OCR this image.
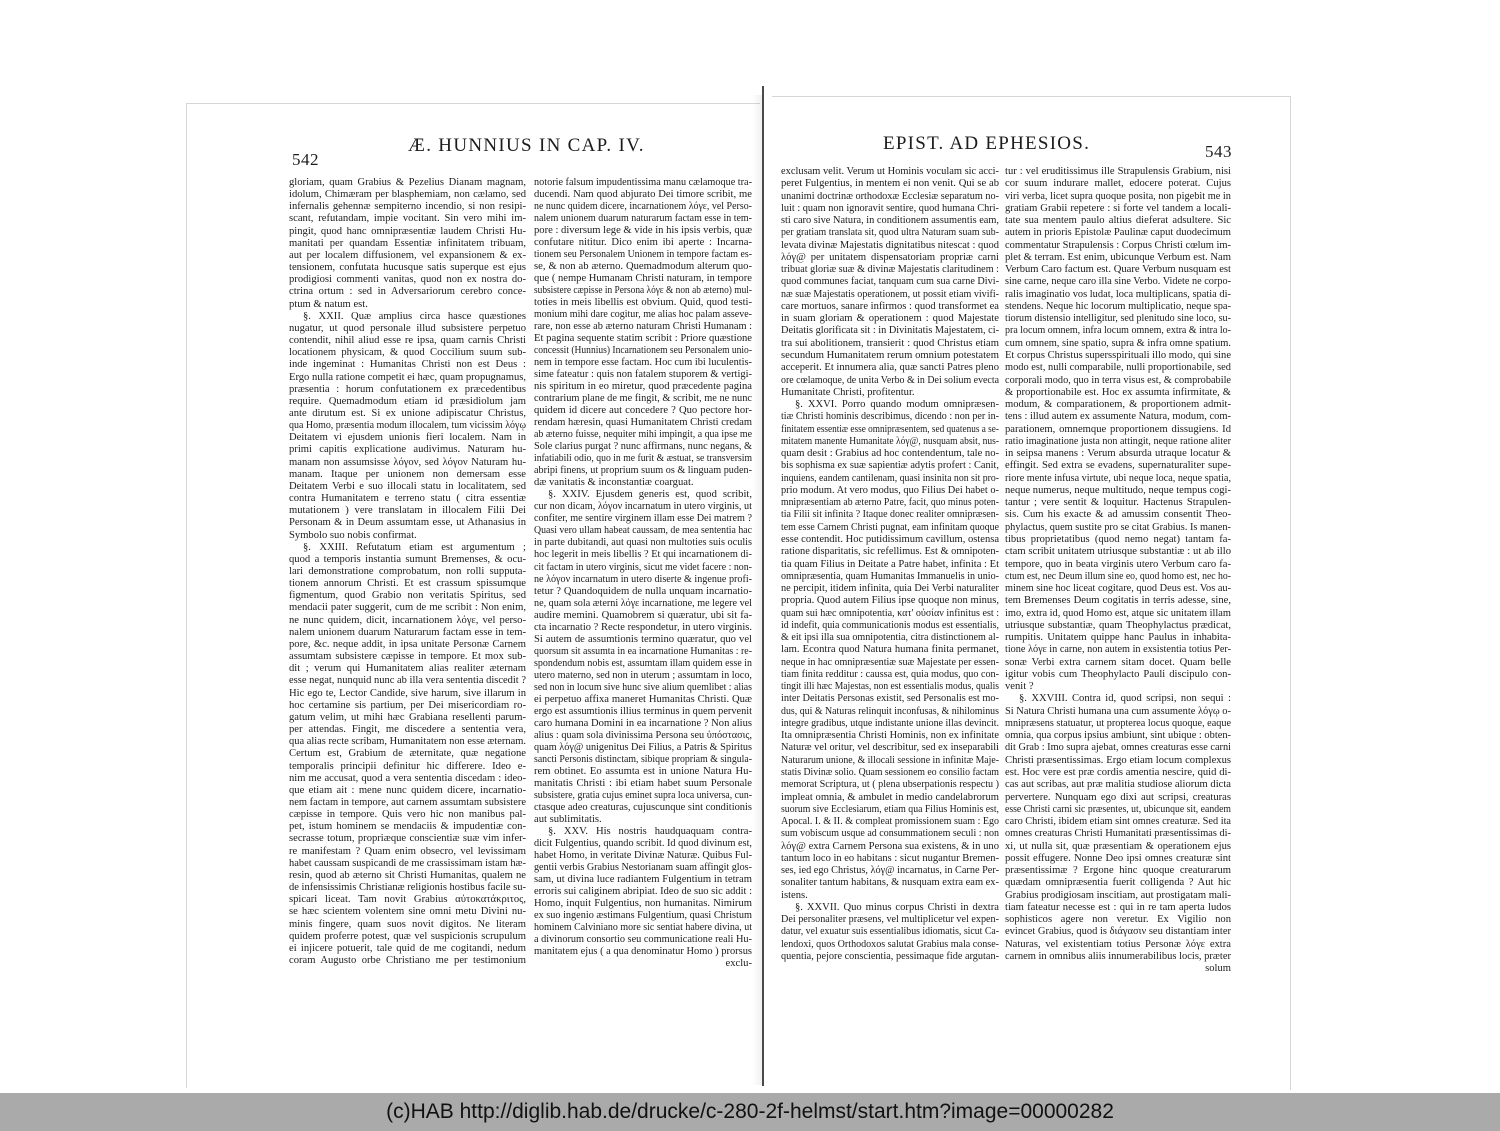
542
Æ. HUNNIUS IN CAP. IV.	EPIST. AD EPHESIOS.	543
gloriam, quam Grabius & Pezelius Dianam magnam,
idolum, Chimæram per blasphemiam, non cælamo, sed
infernalis gehennæ sempiterno incendio, si non resipi-
scant, refutandam, impie vocitant. Sin vero mihi im-
pingit, quod hanc omnipræsentiæ laudem Christi Hu-
manitati per quandam Essentiæ infinitatem tribuam,
aut per localem diffusionem, vel expansionem & ex-
tensionem, confutata hucusque satis superque est ejus
prodigiosi commenti vanitas, quod non ex nostra do-
ctrina ortum : sed in Adversariorum cerebro conce-
ptum & natum est.
§. XXII. Quæ amplius circa hasce quæstiones
nugatur, ut quod personale illud subsistere perpetuo
contendit, nihil aliud esse re ipsa, quam carnis Christi
locationem physicam, & quod Coccilium suum sub-
inde ingeminat : Humanitas Christi non est Deus :
Ergo nulla ratione competit ei hæc, quam propugnamus,
præsentia : horum confutationem ex præcedentibus
require. Quemadmodum etiam id præsidiolum jam
ante dirutum est. Si ex unione adipiscatur Christus,
qua Homo, præsentia modum illocalem, tum vicissim λόγῳ
Deitatem vi ejusdem unionis fieri localem. Nam in
primi capitis explicatione audivimus. Naturam hu-
manam non assumsisse λόγον, sed λόγον Naturam hu-
manam. Itaque per unionem non demersam esse
Deitatem Verbi e suo illocali statu in localitatem, sed
contra Humanitatem e terreno statu ( citra essentiæ
mutationem ) vere translatam in illocalem Filii Dei
Personam & in Deum assumtam esse, ut Athanasius in
Symbolo suo nobis confirmat.
§. XXIII. Refutatum etiam est argumentum ;
quod a temporis instantia sumunt Bremenses, & ocu-
lari demonstratione comprobatum, non rolli supputa-
tionem annorum Christi. Et est crassum spissumque
figmentum, quod Grabio non veritatis Spiritus, sed
mendacii pater suggerit, cum de me scribit : Non enim,
ne nunc quidem, dicit, incarnationem λόγε, vel perso-
nalem unionem duarum Naturarum factam esse in tem-
pore, &c. neque addit, in ipsa unitate Personæ Carnem
assumtam subsistere cæpisse in tempore. Et mox sub-
dit ; verum qui Humanitatem alias realiter æternam
esse negat, nunquid nunc ab illa vera sententia discedit ?
Hic ego te, Lector Candide, sive harum, sive illarum in
hoc certamine sis partium, per Dei misericordiam ro-
gatum velim, ut mihi hæc Grabiana resellenti parum-
per attendas. Fingit, me discedere a sententia vera,
qua alias recte scribam, Humanitatem non esse æternam.
Certum est, Grabium de æternitate, quæ negatione
temporalis principii definitur hic differere. Ideo e-
nim me accusat, quod a vera sententia discedam : ideo-
que etiam ait : mene nunc quidem dicere, incarnatio-
nem factam in tempore, aut carnem assumtam subsistere
cæpisse in tempore. Quis vero hic non manibus pal-
pet, istum hominem se mendaciis & impudentiæ con-
secrasse totum, propriæque conscientiæ suæ vim infer-
re manifestam ? Quam enim obsecro, vel levissimam
habet caussam suspicandi de me crassissimam istam hæ-
resin, quod ab æterno sit Christi Humanitas, qualem ne
de infensissimis Christianæ religionis hostibus facile su-
spicari liceat. Tam novit Grabius αὐτοκατάκριτος,
se hæc scientem volentem sine omni metu Divini nu-
minis fingere, quam suos novit digitos. Ne literam
quidem proferre potest, quæ vel suspicionis scrupulum
ei injicere potuerit, tale quid de me cogitandi, nedum
coram Augusto orbe Christiano me per testimonium
notorie falsum impudentissima manu cælamoque tra-
ducendi. Nam quod abjurato Dei timore scribit, me
ne nunc quidem dicere, incarnationem λόγε, vel Perso-
nalem unionem duarum naturarum factam esse in tem-
pore : diversum lege & vide in his ipsis verbis, quæ
confutare nititur. Dico enim ibi aperte : Incarna-
tionem seu Personalem Unionem in tempore factam es-
se, & non ab æterno. Quemadmodum alterum quo-
que ( nempe Humanam Christi naturam, in tempore
subsistere cæpisse in Persona λόγε & non ab æterno) mul-
toties in meis libellis est obvium. Quid, quod testi-
monium mihi dare cogitur, me alias hoc palam asseve-
rare, non esse ab æterno naturam Christi Humanam :
Et pagina sequente statim scribit : Priore quæstione
concessit (Hunnius) Incarnationem seu Personalem unio-
nem in tempore esse factam. Hoc cum ibi luculentis-
sime fateatur : quis non fatalem stuporem & vertigi-
nis spiritum in eo miretur, quod præcedente pagina
contrarium plane de me fingit, & scribit, me ne nunc
quidem id dicere aut concedere ? Quo pectore hor-
rendam hæresin, quasi Humanitatem Christi credam
ab æterno fuisse, nequiter mihi impingit, a qua ipse me
Sole clarius purgat ? nunc affirmans, nunc negans, &
infatiabili odio, quo in me furit & æstuat, se transversim
abripi finens, ut proprium suum os & linguam puden-
dæ vanitatis & inconstantiæ coarguat.
§. XXIV. Ejusdem generis est, quod scribit,
cur non dicam, λόγον incarnatum in utero virginis, ut
confiter, me sentire virginem illam esse Dei matrem ?
Quasi vero ullam habeat caussam, de mea sententia hac
in parte dubitandi, aut quasi non multoties suis oculis
hoc legerit in meis libellis ? Et qui incarnationem di-
cit factam in utero virginis, sicut me videt facere : non-
ne λόγον incarnatum in utero diserte & ingenue profi-
tetur ? Quandoquidem de nulla unquam incarnatio-
ne, quam sola æterni λόγε incarnatione, me legere vel
audire memini. Quamobrem si quæratur, ubi sit fa-
cta incarnatio ? Recte respondetur, in utero virginis.
Si autem de assumtionis termino quæratur, quo vel
quorsum sit assumta in ea incarnatione Humanitas : re-
spondendum nobis est, assumtam illam quidem esse in
utero materno, sed non in uterum ; assumtam in loco,
sed non in locum sive hunc sive alium quemlibet : alias
ei perpetuo affixa maneret Humanitas Christi. Quæ
ergo est assumtionis illius terminus in quem pervenit
caro humana Domini in ea incarnatione ? Non alius
alius : quam sola divinissima Persona seu ὑπόστασις,
quam λόγ@ unigenitus Dei Filius, a Patris & Spiritus
sancti Personis distinctam, sibique propriam & singula-
rem obtinet. Eo assumta est in unione Natura Hu-
manitatis Christi : ibi etiam habet suum Personale
subsistere, gratia cujus eminet supra loca universa, cun-
ctasque adeo creaturas, cujuscunque sint conditionis
aut sublimitatis.
§. XXV. His nostris haudquaquam contra-
dicit Fulgentius, quando scribit. Id quod divinum est,
habet Homo, in veritate Divinæ Naturæ. Quibus Ful-
gentii verbis Grabius Nestorianam suam affingit glos-
sam, ut divina luce radiantem Fulgentium in tetram
erroris sui caliginem abripiat. Ideo de suo sic addit :
Homo, inquit Fulgentius, non humanitas. Nimirum
ex suo ingenio æstimans Fulgentium, quasi Christum
hominem Calviniano more sic sentiat habere divina, ut
a divinorum consortio seu communicatione reali Hu-
manitatem ejus ( a qua denominatur Homo ) prorsus
exclu-
exclusam velit. Verum ut Hominis voculam sic acci-
peret Fulgentius, in mentem ei non venit. Qui se ab
unanimi doctrinæ orthodoxæ Ecclesiæ separatum no-
luit : quam non ignoravit sentire, quod humana Chri-
sti caro sive Natura, in conditionem assumentis eam,
per gratiam translata sit, quod ultra Naturam suam sub-
levata divinæ Majestatis dignitatibus nitescat : quod
λόγ@ per unitatem dispensatoriam propriæ carni
tribuat gloriæ suæ & divinæ Majestatis claritudinem :
quod communes faciat, tanquam cum sua carne Divi-
næ suæ Majestatis operationem, ut possit etiam vivifi-
care mortuos, sanare infirmos : quod transformet ea
in suam gloriam & operationem : quod Majestate
Deitatis glorificata sit : in Divinitatis Majestatem, ci-
tra sui abolitionem, transierit : quod Christus etiam
secundum Humanitatem rerum omnium potestatem
acceperit. Et innumera alia, quæ sancti Patres pleno
ore cœlamoque, de unita Verbo & in Dei solium evecta
Humanitate Christi, profitentur.
§. XXVI. Porro quando modum omnipræsen-
tiæ Christi hominis describimus, dicendo : non per in-
finitatem essentiæ esse omnipræsentem, sed quatenus a se-
mitatem manente Humanitate λόγ@, nusquam absit, nus-
quam desit : Grabius ad hoc contendentum, tale no-
bis sophisma ex suæ sapientiæ adytis profert : Canit,
inquiens, eandem cantilenam, quasi insinita non sit pro-
prio modum. At vero modus, quo Filius Dei habet o-
mnipræsentiam ab æterno Patre, facit, quo minus poten-
tia Filii sit infinita ? Itaque donec realiter omnipræsen-
tem esse Carnem Christi pugnat, eam infinitam quoque
esse contendit. Hoc putidissimum cavillum, ostensa
ratione disparitatis, sic refellimus. Est & omnipoten-
tia quam Filius in Deitate a Patre habet, infinita : Et
omnipræsentia, quam Humanitas Immanuelis in unio-
ne percipit, itidem infinita, quia Dei Verbi naturaliter
propria. Quod autem Filius ipse quoque non minus,
quam sui hæc omnipotentia, κατ' οὐσίαν infinitus est :
id indefit, quia communicationis modus est essentialis,
& eit ipsi illa sua omnipotentia, citra distinctionem al-
lam. Econtra quod Natura humana finita permanet,
neque in hac omnipræsentiæ suæ Majestate per essen-
tiam finita redditur : caussa est, quia modus, quo con-
tingit illi hæc Majestas, non est essentialis modus, qualis
inter Deitatis Personas existit, sed Personalis est mo-
dus, qui & Naturas relinquit inconfusas, & nihilominus
integre gradibus, utque indistante unione illas devincit.
Ita omnipræsentia Christi Hominis, non ex infinitate
Naturæ vel oritur, vel describitur, sed ex inseparabili
Naturarum unione, & illocali sessione in infinitæ Maje-
statis Divinæ solio. Quam sessionem eo consilio factam
memorat Scriptura, ut ( plena ubserpationis respectu )
impleat omnia, & ambulet in medio candelabrorum
suorum sive Ecclesiarum, etiam qua Filius Hominis est,
Apocal. I. & II. & compleat promissionem suam : Ego
sum vobiscum usque ad consummationem seculi : non
λόγ@ extra Carnem Persona sua existens, & in uno
tantum loco in eo habitans : sicut nugantur Bremen-
ses, ied ego Christus, λόγ@ incarnatus, in Carne Per-
sonaliter tantum habitans, & nusquam extra eam ex-
istens.
§. XXVII. Quo minus corpus Christi in dextra
Dei personaliter præsens, vel multiplicetur vel expen-
datur, vel exuatur suis essentialibus idiomatis, sicut Ca-
lendoxi, quos Orthodoxos salutat Grabius mala conse-
quentia, pejore conscientia, pessimaque fide argutan-
tur : vel eruditissimus ille Strapulensis Grabium, nisi
cor suum indurare mallet, edocere poterat. Cujus
viri verba, licet supra quoque posita, non pigebit me in
gratiam Grabii repetere : si forte vel tandem a locali-
tate sua mentem paulo altius dieferat adsultere. Sic
autem in prioris Epistolæ Paulinæ caput duodecimum
commentatur Strapulensis : Corpus Christi cœlum im-
plet & terram. Est enim, ubicunque Verbum est. Nam
Verbum Caro factum est. Quare Verbum nusquam est
sine carne, neque caro illa sine Verbo. Videte ne corpo-
ralis imaginatio vos ludat, loca multiplicans, spatia di-
stendens. Neque hic locorum multiplicatio, neque spa-
tiorum distensio intelligitur, sed plenitudo sine loco, su-
pra locum omnem, infra locum omnem, extra & intra lo-
cum omnem, sine spatio, supra & infra omne spatium.
Et corpus Christus supersspirituali illo modo, qui sine
modo est, nulli comparabile, nulli proportionabile, sed
corporali modo, quo in terra visus est, & comprobabile
& proportionabile est. Hoc ex assumta infirmitate, &
modum, & comparationem, & proportionem admit-
tens : illud autem ex assumente Natura, modum, com-
parationem, omnemque proportionem dissugiens. Id
ratio imaginatione justa non attingit, neque ratione aliter
in seipsa manens : Verum absurda utraque locatur &
effingit. Sed extra se evadens, supernaturaliter supe-
riore mente infusa virtute, ubi neque loca, neque spatia,
neque numerus, neque multitudo, neque tempus cogi-
tantur ; vere sentit & loquitur. Hactenus Strapulen-
sis. Cum his exacte & ad amussim consentit Theo-
phylactus, quem sustite pro se citat Grabius. Is manen-
tibus proprietatibus (quod nemo negat) tantam fa-
ctam scribit unitatem utriusque substantiæ : ut ab illo
tempore, quo in beata virginis utero Verbum caro fa-
ctum est, nec Deum illum sine eo, quod homo est, nec ho-
minem sine hoc liceat cogitare, quod Deus est. Vos au-
tem Bremenses Deum cogitatis in terris adesse, sine,
imo, extra id, quod Homo est, atque sic unitatem illam
utriusque substantiæ, quam Theophylactus prædicat,
rumpitis. Unitatem quippe hanc Paulus in inhabita-
tione λόγε in carne, non autem in exsistentia totius Per-
sonæ Verbi extra carnem sitam docet. Quam belle
igitur vobis cum Theophylacto Pauli discipulo con-
venit ?
§. XXVIII. Contra id, quod scripsi, non sequi :
Si Natura Christi humana una cum assumente λόγῳ o-
mnipræsens statuatur, ut propterea locus quoque, eaque
omnia, qua corpus ipsius ambiunt, sint ubique : obten-
dit Grab : Imo supra ajebat, omnes creaturas esse carni
Christi præsentissimas. Ergo etiam locum complexus
est. Hoc vere est præ cordis amentia nescire, quid di-
cas aut scribas, aut præ malitia studiose aliorum dicta
pervertere. Nunquam ego dixi aut scripsi, creaturas
esse Christi carni sic præsentes, ut, ubicunque sit, eandem
caro Christi, ibidem etiam sint omnes creaturæ. Sed ita
omnes creaturas Christi Humanitati præsentissimas di-
xi, ut nulla sit, quæ præsentiam & operationem ejus
possit effugere. Nonne Deo ipsi omnes creaturæ sint
præsentissimæ ? Ergone hinc quoque creaturarum
quædam omnipræsentia fuerit colligenda ? Aut hic
Grabius prodigiosam inscitiam, aut prostigatam mali-
tiam fateatur necesse est : qui in re tam aperta ludos
sophisticos agere non veretur. Ex Vigilio non
evincet Grabius, quod is διάγασιν seu distantiam inter
Naturas, vel existentiam totius Personæ λόγε extra
carnem in omnibus aliis innumerabilibus locis, præter
solum
(c)HAB http://diglib.hab.de/drucke/c-280-2f-helmst/start.htm?image=00000282
